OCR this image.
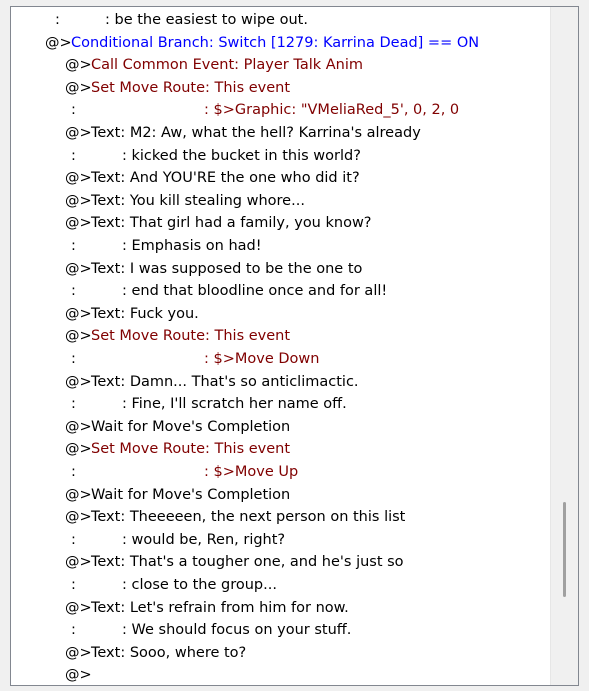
:	: be the easiest to wipe out.
@> Conditional Branch: Switch [1279: Karrina Dead] == ON
@> Call Common Event: Player Talk Anim
@> Set Move Route: This event
:	: $>Graphic: "VMeliaRed_5', 0, 2, 0
@> Text: M2: Aw, what the hell? Karrina's already
:	: kicked the bucket in this world?
@> Text: And YOU'RE the one who did it?
@> Text: You kill stealing whore...
@> Text: That girl had a family, you know?
:	: Emphasis on had!
@> Text: I was supposed to be the one to
:	: end that bloodline once and for all!
@> Text: Fuck you.
@> Set Move Route: This event
:	: $>Move Down
@> Text: Damn... That's so anticlimactic.
:	: Fine, I'll scratch her name off.
@> Wait for Move's Completion
@> Set Move Route: This event
:	: $>Move Up
@> Wait for Move's Completion
@> Text: Theeeeen, the next person on this list
:	: would be, Ren, right?
@> Text: That's a tougher one, and he's just so
:	: close to the group...
@> Text: Let's refrain from him for now.
:	: We should focus on your stuff.
@> Text: Sooo, where to?
@>
